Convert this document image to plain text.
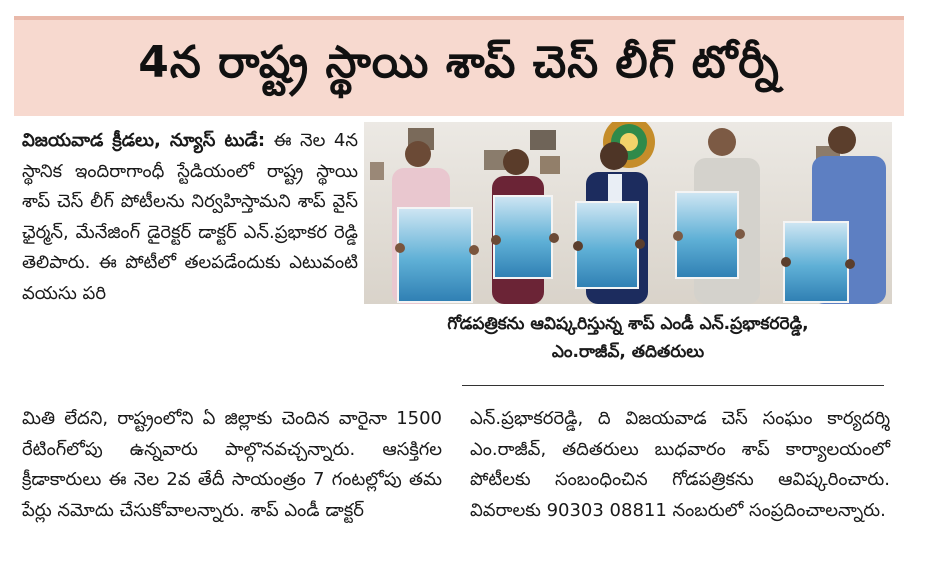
4న రాష్ట్ర స్థాయి శాప్ చెస్ లీగ్ టోర్నీ

విజయవాడ క్రీడలు, న్యూస్ టుడే: ఈ నెల 4న స్థానిక ఇందిరాగాంధీ స్టేడియంలో రాష్ట్ర స్థాయి శాప్ చెస్ లీగ్ పోటీలను నిర్వహిస్తామని శాప్ వైస్ ఛైర్మన్, మేనేజింగ్ డైరెక్టర్ డాక్టర్ ఎన్.ప్రభాకర రెడ్డి తెలిపారు. ఈ పోటీలో తలపడేందుకు ఎటువంటి వయసు పరి

గోడపత్రికను ఆవిష్కరిస్తున్న శాప్ ఎండీ ఎన్.ప్రభాకరరెడ్డి,
ఎం.రాజీవ్, తదితరులు

మితి లేదని, రాష్ట్రంలోని ఏ జిల్లాకు చెందిన వారైనా 1500 రేటింగ్‌లోపు ఉన్నవారు పాల్గొనవచ్చన్నారు. ఆసక్తిగల క్రీడాకారులు ఈ నెల 2వ తేదీ సాయంత్రం 7 గంటల్లోపు తమ పేర్లు నమోదు చేసుకోవాలన్నారు. శాప్ ఎండీ డాక్టర్

ఎన్.ప్రభాకరరెడ్డి, ది విజయవాడ చెస్ సంఘం కార్యదర్శి ఎం.రాజీవ్, తదితరులు బుధవారం శాప్ కార్యాలయంలో పోటీలకు సంబంధించిన గోడపత్రికను ఆవిష్కరించారు. వివరాలకు 90303 08811 నంబరులో సంప్రదించాలన్నారు.
